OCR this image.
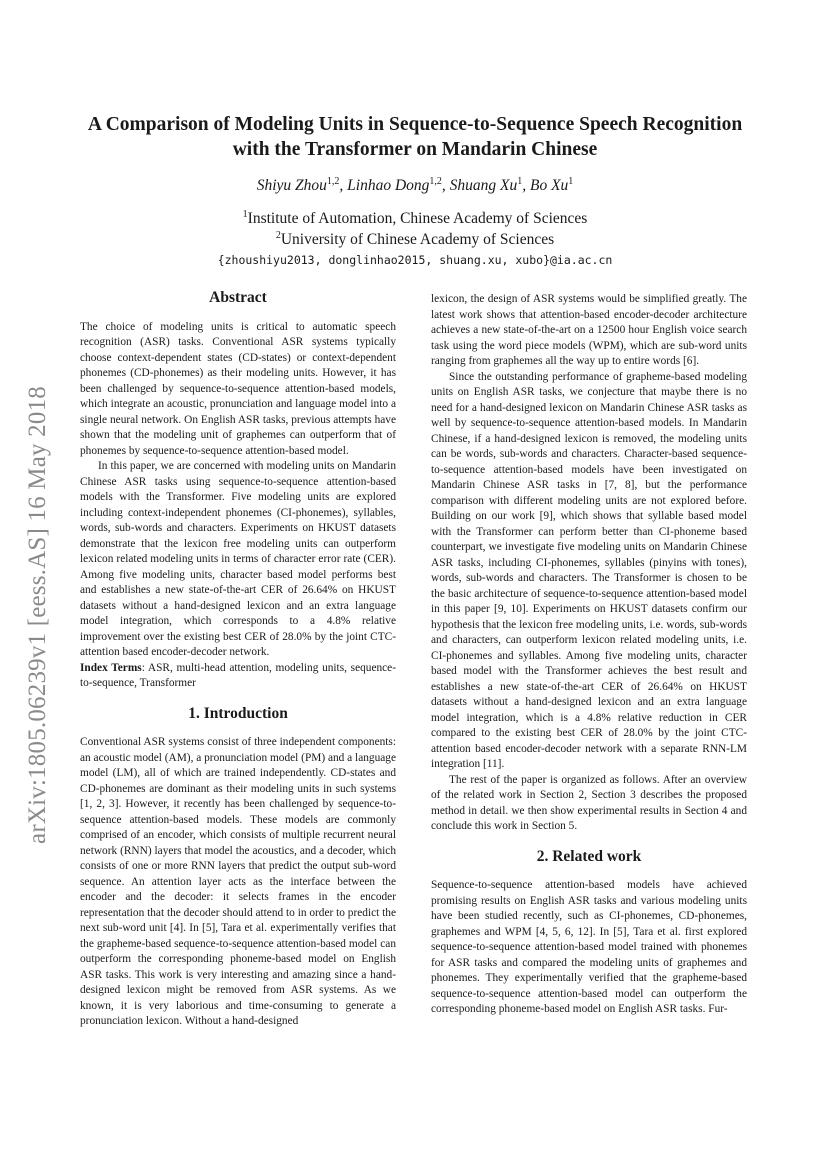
arXiv:1805.06239v1 [eess.AS] 16 May 2018
A Comparison of Modeling Units in Sequence-to-Sequence Speech Recognition
with the Transformer on Mandarin Chinese
Shiyu Zhou$^{1,2}$, Linhao Dong$^{1,2}$, Shuang Xu$^1$, Bo Xu$^1$
$^1$Institute of Automation, Chinese Academy of Sciences
$^2$University of Chinese Academy of Sciences
{zhoushiyu2013, donglinhao2015, shuang.xu, xubo}@ia.ac.cn
Abstract

The choice of modeling units is critical to automatic speech recognition (ASR) tasks. Conventional ASR systems typically choose context-dependent states (CD-states) or context-dependent phonemes (CD-phonemes) as their modeling units. However, it has been challenged by sequence-to-sequence attention-based models, which integrate an acoustic, pronunciation and language model into a single neural network. On English ASR tasks, previous attempts have shown that the modeling unit of graphemes can outperform that of phonemes by sequence-to-sequence attention-based model.

In this paper, we are concerned with modeling units on Mandarin Chinese ASR tasks using sequence-to-sequence attention-based models with the Transformer. Five modeling units are explored including context-independent phonemes (CI-phonemes), syllables, words, sub-words and characters. Experiments on HKUST datasets demonstrate that the lexicon free modeling units can outperform lexicon related modeling units in terms of character error rate (CER). Among five modeling units, character based model performs best and establishes a new state-of-the-art CER of 26.64% on HKUST datasets without a hand-designed lexicon and an extra language model integration, which corresponds to a 4.8% relative improvement over the existing best CER of 28.0% by the joint CTC-attention based encoder-decoder network.

Index Terms: ASR, multi-head attention, modeling units, sequence-to-sequence, Transformer

1. Introduction

Conventional ASR systems consist of three independent components: an acoustic model (AM), a pronunciation model (PM) and a language model (LM), all of which are trained independently. CD-states and CD-phonemes are dominant as their modeling units in such systems [1, 2, 3]. However, it recently has been challenged by sequence-to-sequence attention-based models. These models are commonly comprised of an encoder, which consists of multiple recurrent neural network (RNN) layers that model the acoustics, and a decoder, which consists of one or more RNN layers that predict the output sub-word sequence. An attention layer acts as the interface between the encoder and the decoder: it selects frames in the encoder representation that the decoder should attend to in order to predict the next sub-word unit [4]. In [5], Tara et al. experimentally verifies that the grapheme-based sequence-to-sequence attention-based model can outperform the corresponding phoneme-based model on English ASR tasks. This work is very interesting and amazing since a hand-designed lexicon might be removed from ASR systems. As we known, it is very laborious and time-consuming to generate a pronunciation lexicon. Without a hand-designed

lexicon, the design of ASR systems would be simplified greatly. The latest work shows that attention-based encoder-decoder architecture achieves a new state-of-the-art on a 12500 hour English voice search task using the word piece models (WPM), which are sub-word units ranging from graphemes all the way up to entire words [6].

Since the outstanding performance of grapheme-based modeling units on English ASR tasks, we conjecture that maybe there is no need for a hand-designed lexicon on Mandarin Chinese ASR tasks as well by sequence-to-sequence attention-based models. In Mandarin Chinese, if a hand-designed lexicon is removed, the modeling units can be words, sub-words and characters. Character-based sequence-to-sequence attention-based models have been investigated on Mandarin Chinese ASR tasks in [7, 8], but the performance comparison with different modeling units are not explored before. Building on our work [9], which shows that syllable based model with the Transformer can perform better than CI-phoneme based counterpart, we investigate five modeling units on Mandarin Chinese ASR tasks, including CI-phonemes, syllables (pinyins with tones), words, sub-words and characters. The Transformer is chosen to be the basic architecture of sequence-to-sequence attention-based model in this paper [9, 10]. Experiments on HKUST datasets confirm our hypothesis that the lexicon free modeling units, i.e. words, sub-words and characters, can outperform lexicon related modeling units, i.e. CI-phonemes and syllables. Among five modeling units, character based model with the Transformer achieves the best result and establishes a new state-of-the-art CER of 26.64% on HKUST datasets without a hand-designed lexicon and an extra language model integration, which is a 4.8% relative reduction in CER compared to the existing best CER of 28.0% by the joint CTC-attention based encoder-decoder network with a separate RNN-LM integration [11].

The rest of the paper is organized as follows. After an overview of the related work in Section 2, Section 3 describes the proposed method in detail. we then show experimental results in Section 4 and conclude this work in Section 5.

2. Related work

Sequence-to-sequence attention-based models have achieved promising results on English ASR tasks and various modeling units have been studied recently, such as CI-phonemes, CD-phonemes, graphemes and WPM [4, 5, 6, 12]. In [5], Tara et al. first explored sequence-to-sequence attention-based model trained with phonemes for ASR tasks and compared the modeling units of graphemes and phonemes. They experimentally verified that the grapheme-based sequence-to-sequence attention-based model can outperform the corresponding phoneme-based model on English ASR tasks. Fur-
